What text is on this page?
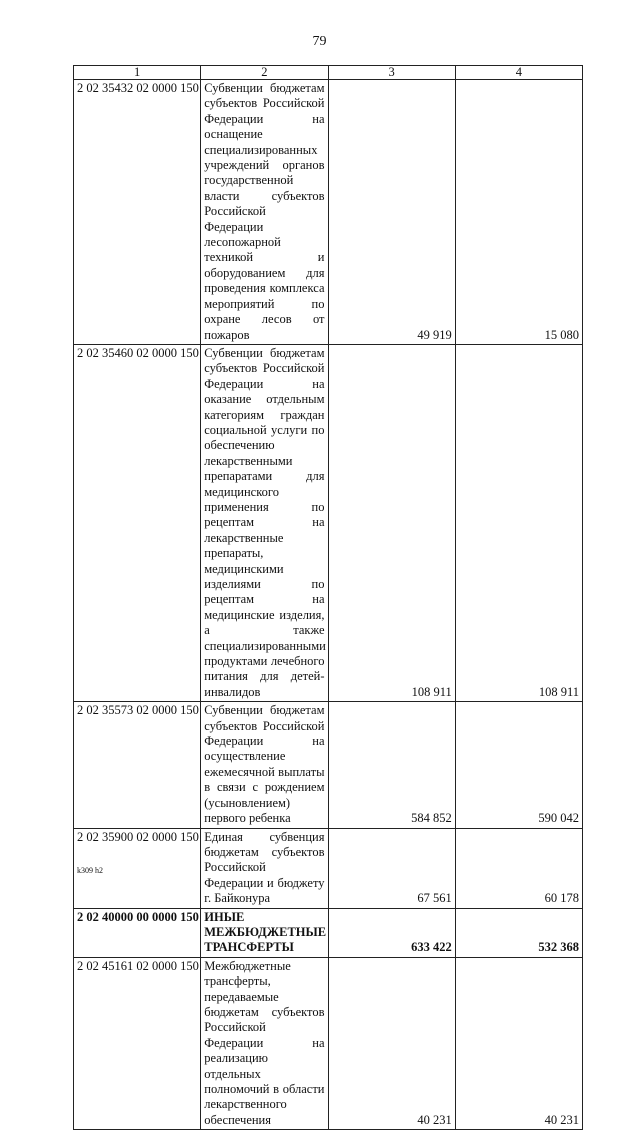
79
1	2	3	4
2 02 35432 02 0000 150	Субвенции бюджетам субъектов Российской Федерации на оснащение специализированных учреждений органов государственной власти субъектов Российской Федерации лесопожарной техникой и оборудованием для проведения комплекса мероприятий по охране лесов от пожаров	49 919	15 080
2 02 35460 02 0000 150	Субвенции бюджетам субъектов Российской Федерации на оказание отдельным категориям граждан социальной услуги по обеспечению лекарственными препаратами для медицинского применения по рецептам на лекарственные препараты, медицинскими изделиями по рецептам на медицинские изделия, а также специализированными продуктами лечебного питания для детей-инвалидов	108 911	108 911
2 02 35573 02 0000 150	Субвенции бюджетам субъектов Российской Федерации на осуществление ежемесячной выплаты в связи с рождением (усыновлением) первого ребенка	584 852	590 042
2 02 35900 02 0000 150	Единая субвенция бюджетам субъектов Российской Федерации и бюджету г. Байконура	67 561	60 178
2 02 40000 00 0000 150	ИНЫЕ МЕЖБЮДЖЕТНЫЕ ТРАНСФЕРТЫ	633 422	532 368
2 02 45161 02 0000 150	Межбюджетные трансферты, передаваемые бюджетам субъектов Российской Федерации на реализацию отдельных полномочий в области лекарственного обеспечения	40 231	40 231
k309 h2
